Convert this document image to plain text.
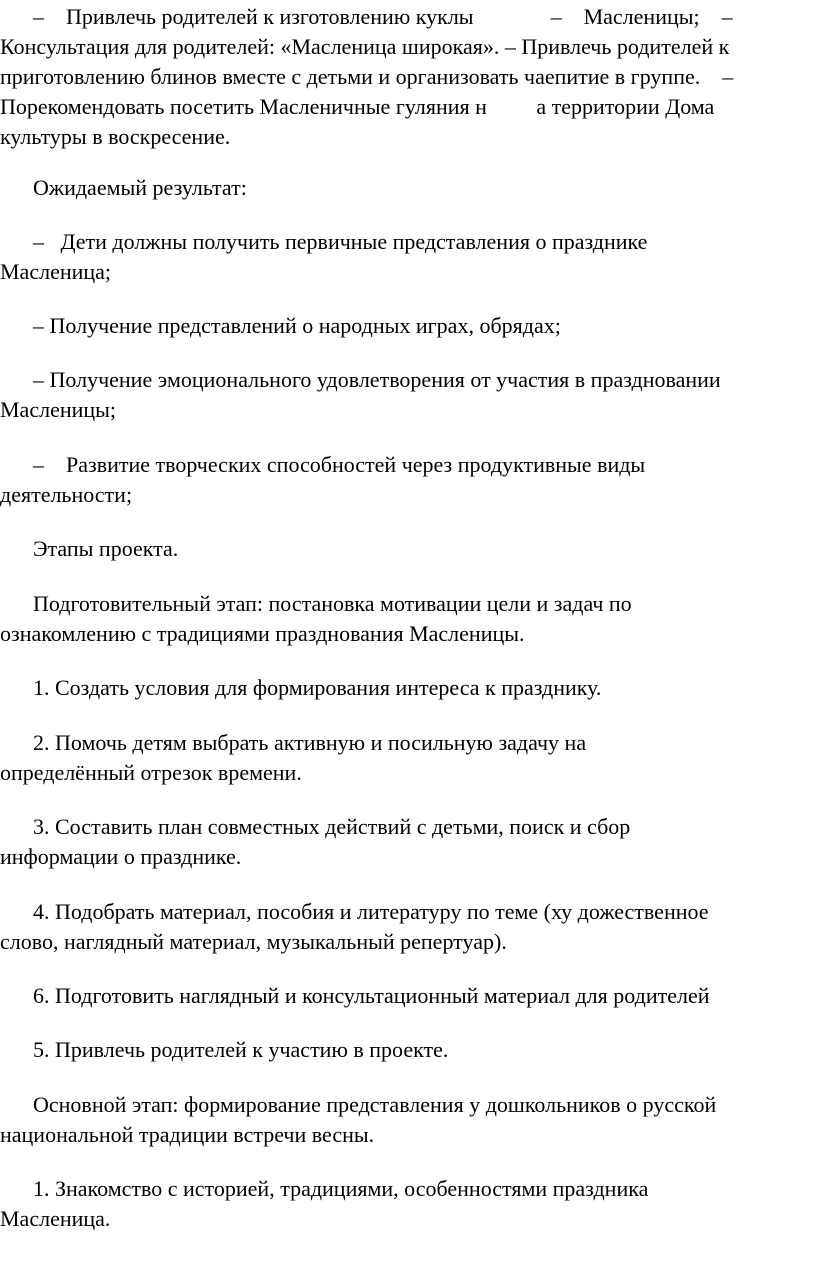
–    Привлечь родителей к изготовлению куклы              –    Масленицы;    –
Консультация для родителей: «Масленица широкая». – Привлечь родителей к
приготовлению блинов вместе с детьми и организовать чаепитие в группе.    –
Порекомендовать посетить Масленичные гуляния н         а территории Дома
культуры в воскресение.
Ожидаемый результат:
–   Дети должны получить первичные представления о празднике
Масленица;
– Получение представлений о народных играх, обрядах;
– Получение эмоционального удовлетворения от участия в праздновании
Масленицы;
–    Развитие творческих способностей через продуктивные виды
деятельности;
Этапы проекта.
Подготовительный этап: постановка мотивации цели и задач по
ознакомлению с традициями празднования Масленицы.
1. Создать условия для формирования интереса к празднику.
2. Помочь детям выбрать активную и посильную задачу на
определённый отрезок времени.
3. Составить план совместных действий с детьми, поиск и сбор
информации о празднике.
4. Подобрать материал, пособия и литературу по теме (ху дожественное
слово, наглядный материал, музыкальный репертуар).
6. Подготовить наглядный и консультационный материал для родителей
5. Привлечь родителей к участию в проекте.
Основной этап: формирование представления у дошкольников о русской
национальной традиции встречи весны.
1. Знакомство с историей, традициями, особенностями праздника
Масленица.
